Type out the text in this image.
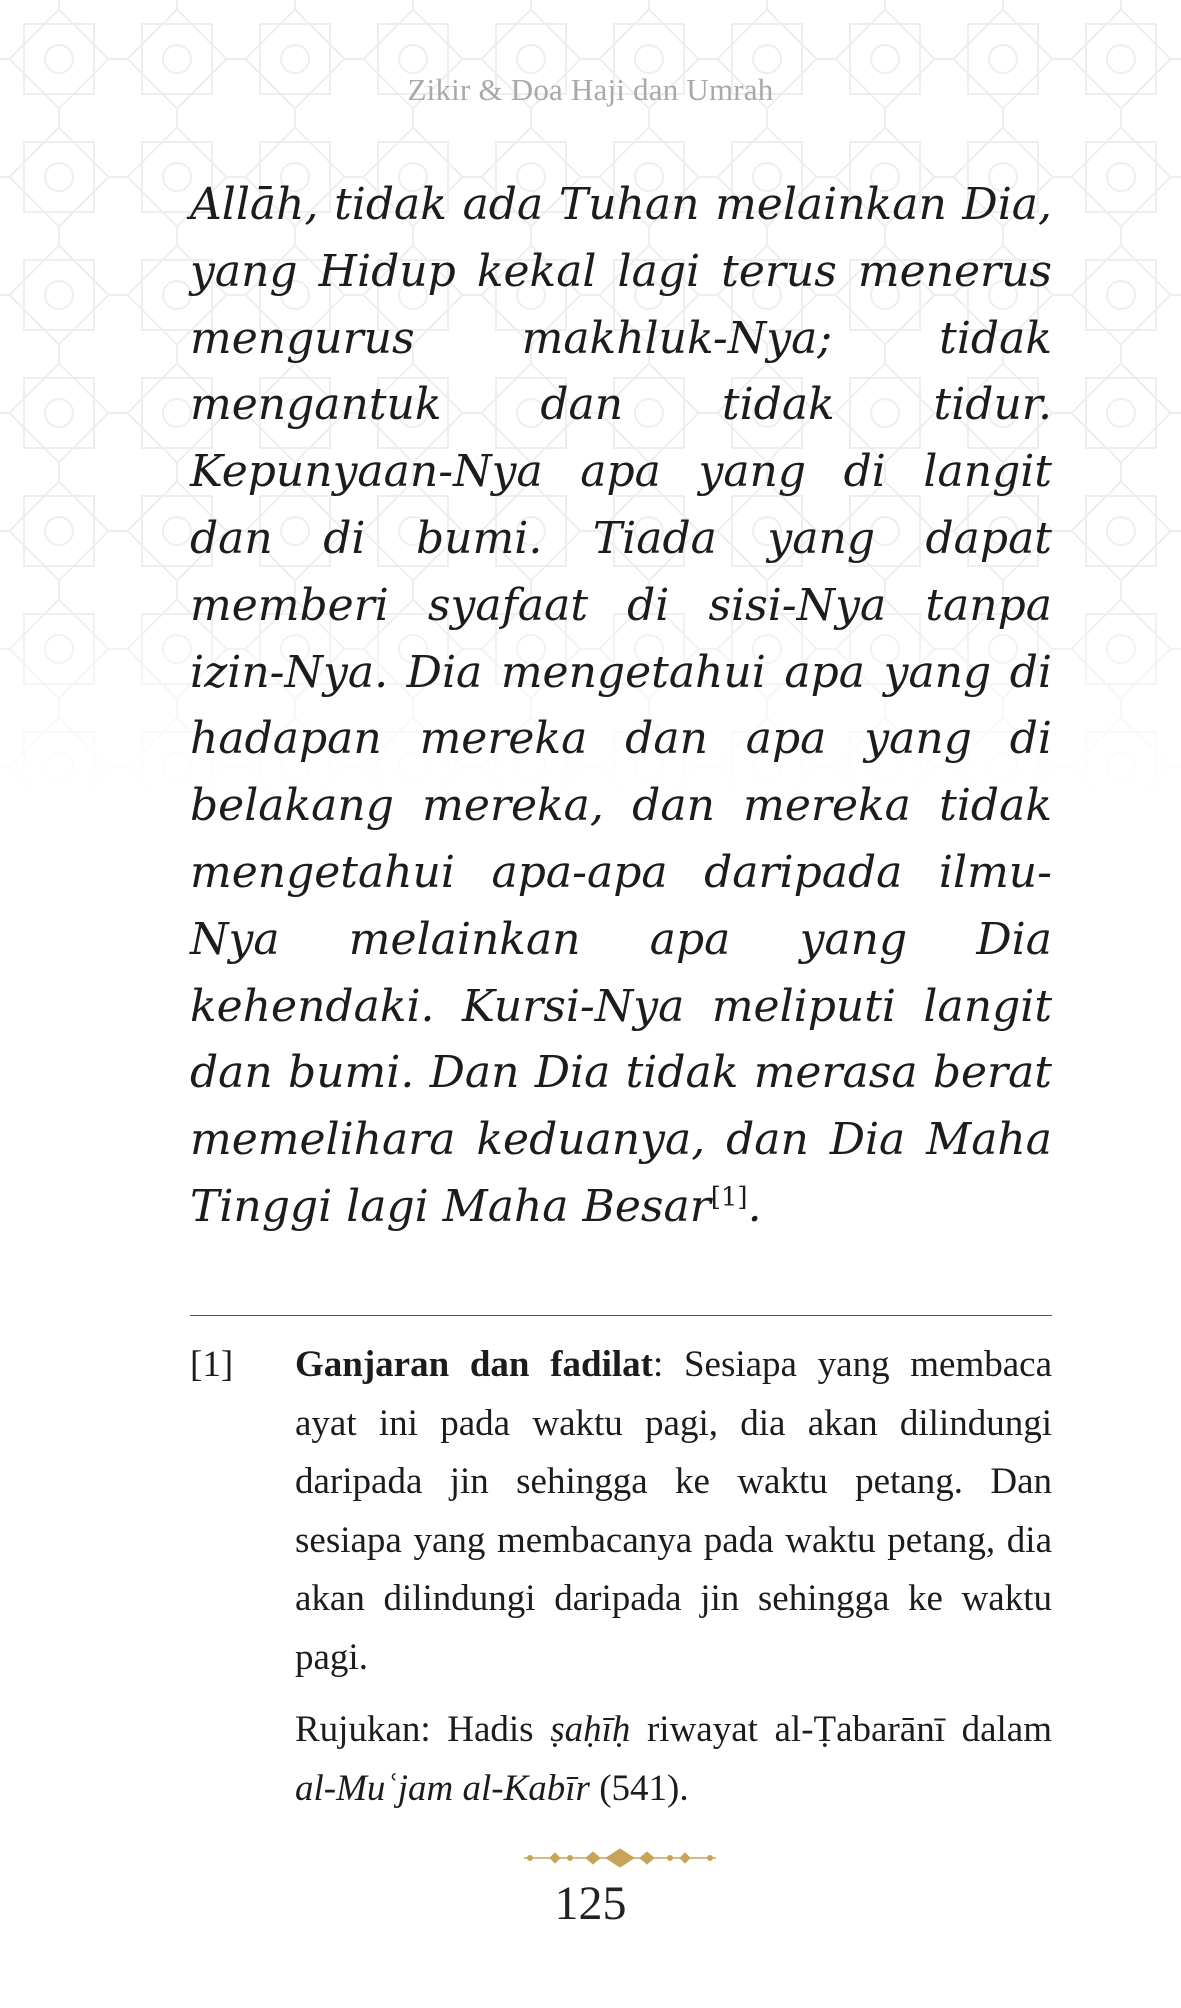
Zikir & Doa Haji dan Umrah

Allāh, tidak ada Tuhan melainkan Dia, yang Hidup kekal lagi terus menerus mengurus makhluk-Nya; tidak mengantuk dan tidak tidur. Kepunyaan-Nya apa yang di langit dan di bumi. Tiada yang dapat memberi syafaat di sisi-Nya tanpa izin-Nya. Dia mengetahui apa yang di hadapan mereka dan apa yang di belakang mereka, dan mereka tidak mengetahui apa-apa daripada ilmu-Nya melainkan apa yang Dia kehendaki. Kursi-Nya meliputi langit dan bumi. Dan Dia tidak merasa berat memelihara keduanya, dan Dia Maha Tinggi lagi Maha Besar[1].

[1] Ganjaran dan fadilat: Sesiapa yang membaca ayat ini pada waktu pagi, dia akan dilindungi daripada jin sehingga ke waktu petang. Dan sesiapa yang membacanya pada waktu petang, dia akan dilindungi daripada jin sehingga ke waktu pagi.

Rujukan: Hadis ṣaḥīḥ riwayat al-Ṭabarānī dalam al-Muʿjam al-Kabīr (541).

125
